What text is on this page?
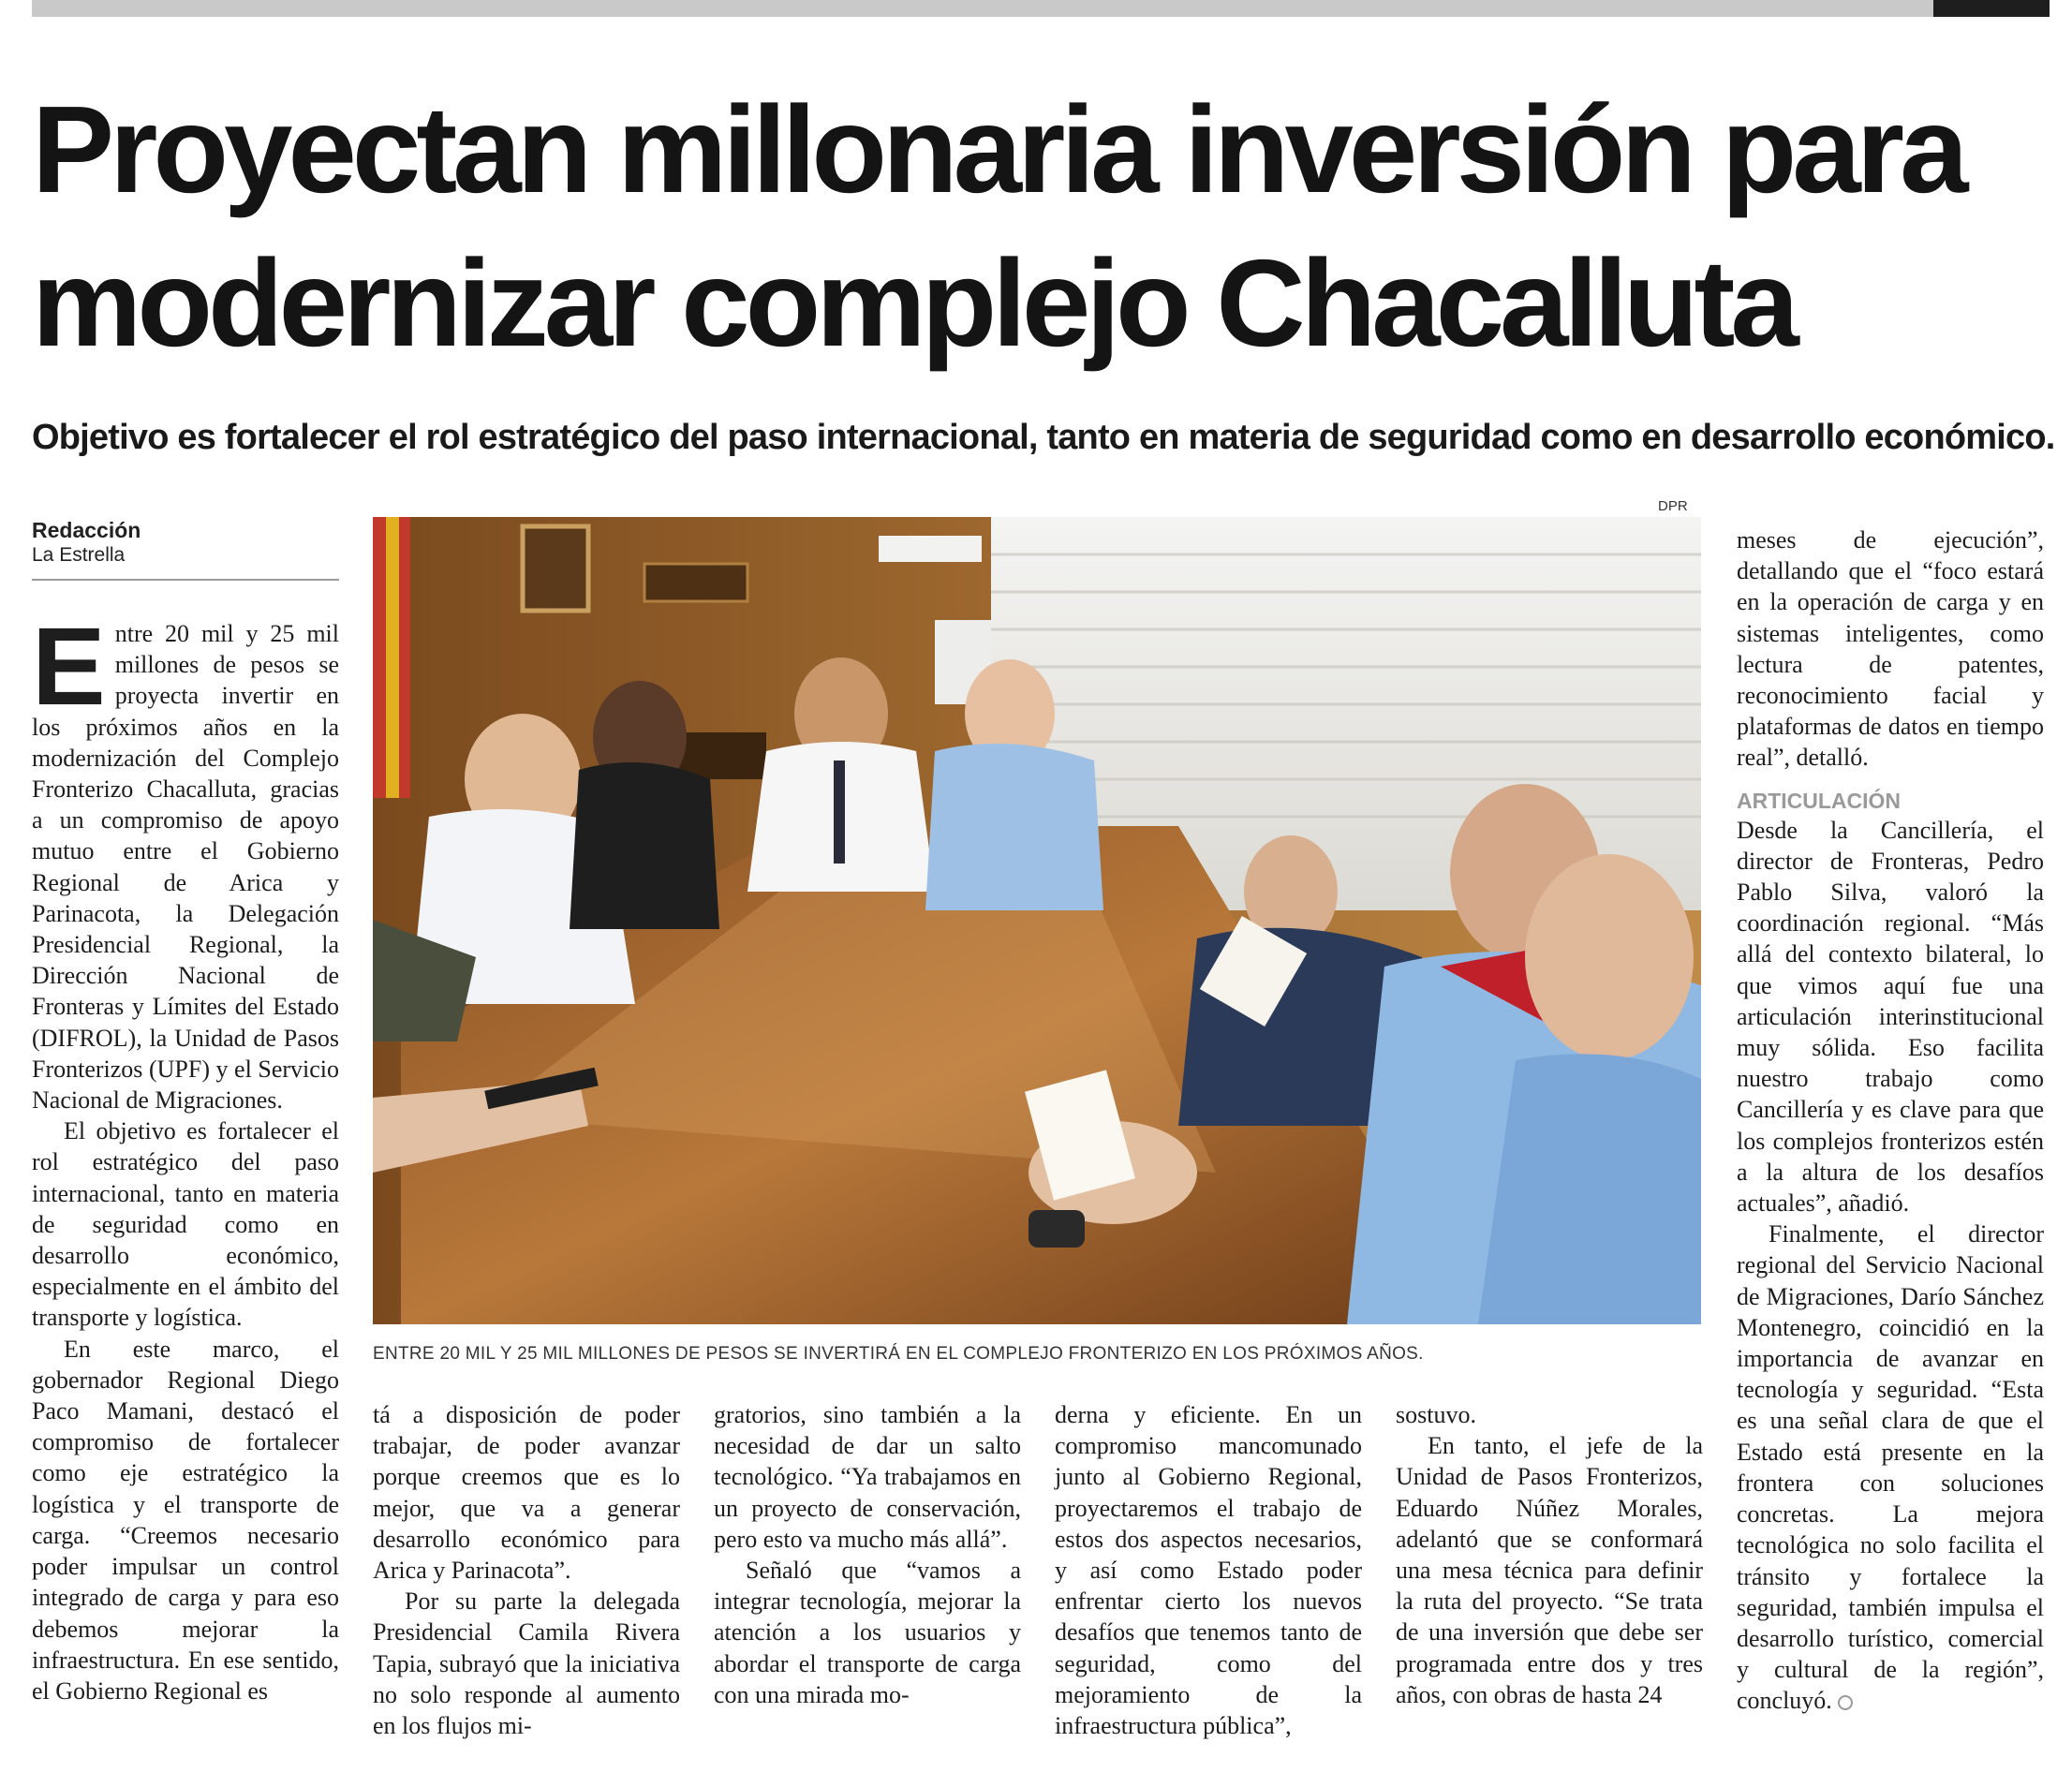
Proyectan millonaria inversión para modernizar complejo Chacalluta
Objetivo es fortalecer el rol estratégico del paso internacional, tanto en materia de seguridad como en desarrollo económico.
Redacción
La Estrella

Entre 20 mil y 25 mil millones de pesos se proyecta invertir en los próximos años en la modernización del Complejo Fronterizo Chacalluta, gracias a un compromiso de apoyo mutuo entre el Gobierno Regional de Arica y Parinacota, la Delegación Presidencial Regional, la Dirección Nacional de Fronteras y Límites del Estado (DIFROL), la Unidad de Pasos Fronterizos (UPF) y el Servicio Nacional de Migraciones.

El objetivo es fortalecer el rol estratégico del paso internacional, tanto en materia de seguridad como en desarrollo económico, especialmente en el ámbito del transporte y logística.

En este marco, el gobernador Regional Diego Paco Mamani, destacó el compromiso de fortalecer como eje estratégico la logística y el transporte de carga. “Creemos necesario poder impulsar un control integrado de carga y para eso debemos mejorar la infraestructura. En ese sentido, el Gobierno Regional es

DPR
ENTRE 20 MIL Y 25 MIL MILLONES DE PESOS SE INVERTIRÁ EN EL COMPLEJO FRONTERIZO EN LOS PRÓXIMOS AÑOS.

tá a disposición de poder trabajar, de poder avanzar porque creemos que es lo mejor, que va a generar desarrollo económico para Arica y Parinacota”.

Por su parte la delegada Presidencial Camila Rivera Tapia, subrayó que la iniciativa no solo responde al aumento en los flujos mi-

gratorios, sino también a la necesidad de dar un salto tecnológico. “Ya trabajamos en un proyecto de conservación, pero esto va mucho más allá”.

Señaló que “vamos a integrar tecnología, mejorar la atención a los usuarios y abordar el transporte de carga con una mirada mo-

derna y eficiente. En un compromiso mancomunado junto al Gobierno Regional, proyectaremos el trabajo de estos dos aspectos necesarios, y así como Estado poder enfrentar cierto los nuevos desafíos que tenemos tanto de seguridad, como del mejoramiento de la infraestructura pública”,

sostuvo.

En tanto, el jefe de la Unidad de Pasos Fronterizos, Eduardo Núñez Morales, adelantó que se conformará una mesa técnica para definir la ruta del proyecto. “Se trata de una inversión que debe ser programada entre dos y tres años, con obras de hasta 24

meses de ejecución”, detallando que el “foco estará en la operación de carga y en sistemas inteligentes, como lectura de patentes, reconocimiento facial y plataformas de datos en tiempo real”, detalló.

ARTICULACIÓN

Desde la Cancillería, el director de Fronteras, Pedro Pablo Silva, valoró la coordinación regional. “Más allá del contexto bilateral, lo que vimos aquí fue una articulación interinstitucional muy sólida. Eso facilita nuestro trabajo como Cancillería y es clave para que los complejos fronterizos estén a la altura de los desafíos actuales”, añadió.

Finalmente, el director regional del Servicio Nacional de Migraciones, Darío Sánchez Montenegro, coincidió en la importancia de avanzar en tecnología y seguridad. “Esta es una señal clara de que el Estado está presente en la frontera con soluciones concretas. La mejora tecnológica no solo facilita el tránsito y fortalece la seguridad, también impulsa el desarrollo turístico, comercial y cultural de la región”, concluyó.
